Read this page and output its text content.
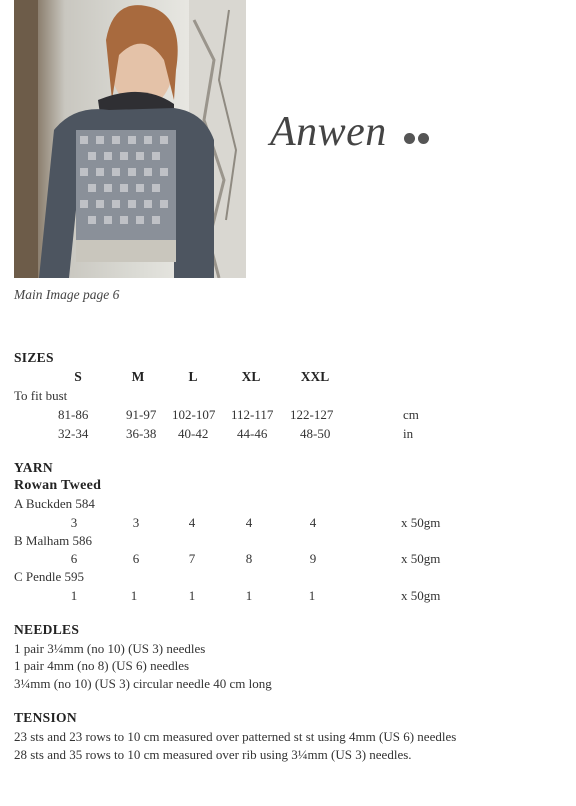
Main Image page 6
Anwen
SIZES
S	M	L	XL	XXL
To fit bust
81-86	91-97 102-107 112-117 122-127	cm
32-34	36-38 40-42 44-46	48-50	in
YARN
Rowan Tweed
A Buckden 584
3	3	4	4	4	x 50gm
B Malham 586
6	6	7	8	9	x 50gm
C Pendle 595
1	1	1	1	1	x 50gm
NEEDLES
1 pair 3¼mm (no 10) (US 3) needles
1 pair 4mm (no 8) (US 6) needles
3¼mm (no 10) (US 3) circular needle 40 cm long
TENSION
23 sts and 23 rows to 10 cm measured over patterned st st using 4mm (US 6) needles
28 sts and 35 rows to 10 cm measured over rib using 3¼mm (US 3) needles.
